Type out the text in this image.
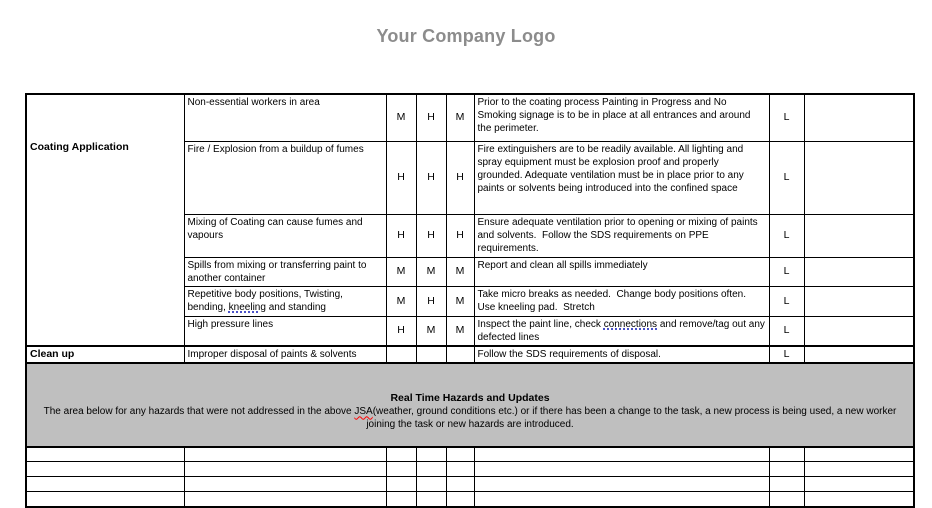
Your Company Logo
Coating Application	Non-essential workers in area	M	H	M	Prior to the coating process Painting in Progress and No Smoking signage is to be in place at all entrances and around the perimeter.	L	
	Fire / Explosion from a buildup of fumes	H	H	H	Fire extinguishers are to be readily available. All lighting and spray equipment must be explosion proof and properly grounded. Adequate ventilation must be in place prior to any paints or solvents being introduced into the confined space	L	
	Mixing of Coating can cause fumes and vapours	H	H	H	Ensure adequate ventilation prior to opening or mixing of paints and solvents.  Follow the SDS requirements on PPE requirements.	L	
	Spills from mixing or transferring paint to another container	M	M	M	Report and clean all spills immediately	L	
	Repetitive body positions, Twisting, bending, kneeling and standing	M	H	M	Take micro breaks as needed.  Change body positions often.  Use kneeling pad.  Stretch	L	
	High pressure lines	H	M	M	Inspect the paint line, check connections and remove/tag out any defected lines	L	
Clean up	Improper disposal of paints & solvents				Follow the SDS requirements of disposal.	L	

Real Time Hazards and Updates
The area below for any hazards that were not addressed in the above JSA(weather, ground conditions etc.) or if there has been a change to the task, a new process is being used, a new worker joining the task or new hazards are introduced.							
